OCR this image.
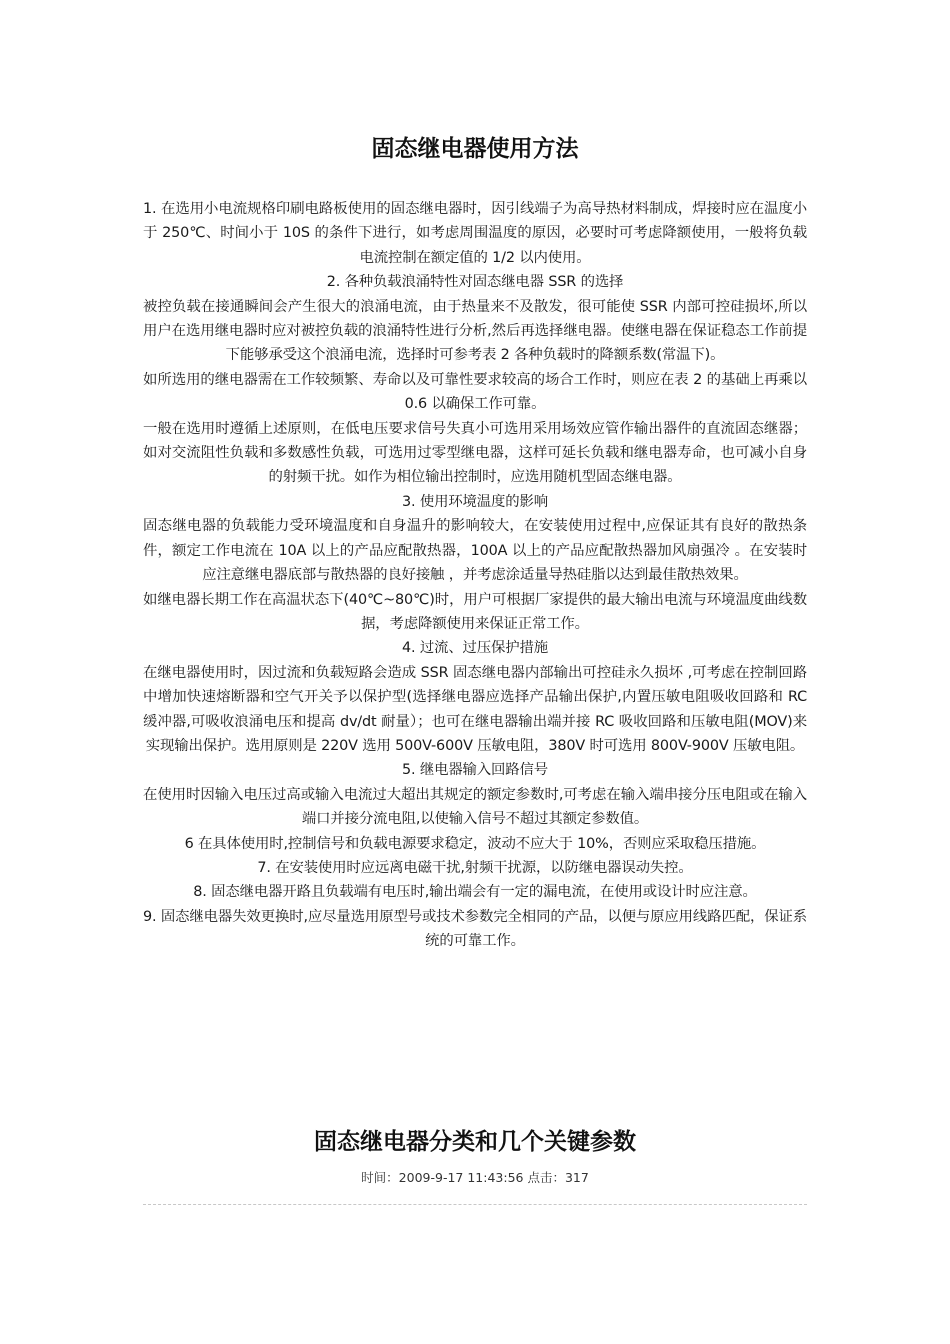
固态继电器使用方法

1. 在选用小电流规格印刷电路板使用的固态继电器时，因引线端子为高导热材料制成，焊接时应在温度小于 250℃、时间小于 10S 的条件下进行，如考虑周围温度的原因，必要时可考虑降额使用，一般将负载电流控制在额定值的 1/2 以内使用。

2. 各种负载浪涌特性对固态继电器 SSR 的选择

被控负载在接通瞬间会产生很大的浪涌电流，由于热量来不及散发，很可能使 SSR 内部可控硅损坏,所以用户在选用继电器时应对被控负载的浪涌特性进行分析,然后再选择继电器。使继电器在保证稳态工作前提下能够承受这个浪涌电流，选择时可参考表 2 各种负载时的降额系数(常温下)。

如所选用的继电器需在工作较频繁、寿命以及可靠性要求较高的场合工作时，则应在表 2 的基础上再乘以 0.6 以确保工作可靠。

一般在选用时遵循上述原则，在低电压要求信号失真小可选用采用场效应管作输出器件的直流固态继器；如对交流阻性负载和多数感性负载，可选用过零型继电器，这样可延长负载和继电器寿命，也可减小自身的射频干扰。如作为相位输出控制时，应选用随机型固态继电器。

3. 使用环境温度的影响

固态继电器的负载能力受环境温度和自身温升的影响较大，在安装使用过程中,应保证其有良好的散热条件，额定工作电流在 10A 以上的产品应配散热器，100A 以上的产品应配散热器加风扇强冷 。在安装时应注意继电器底部与散热器的良好接触 ，并考虑涂适量导热硅脂以达到最佳散热效果。

如继电器长期工作在高温状态下(40℃~80℃)时，用户可根据厂家提供的最大输出电流与环境温度曲线数据，考虑降额使用来保证正常工作。

4. 过流、过压保护措施

在继电器使用时，因过流和负载短路会造成 SSR 固态继电器内部输出可控硅永久损坏 ,可考虑在控制回路中增加快速熔断器和空气开关予以保护型(选择继电器应选择产品输出保护,内置压敏电阻吸收回路和 RC 缓冲器,可吸收浪涌电压和提高 dv/dt 耐量）；也可在继电器输出端并接 RC 吸收回路和压敏电阻(MOV)来实现输出保护。选用原则是 220V 选用 500V-600V 压敏电阻，380V 时可选用 800V-900V 压敏电阻。

5. 继电器输入回路信号

在使用时因输入电压过高或输入电流过大超出其规定的额定参数时,可考虑在输入端串接分压电阻或在输入端口并接分流电阻,以使输入信号不超过其额定参数值。

6 在具体使用时,控制信号和负载电源要求稳定，波动不应大于 10%，否则应采取稳压措施。

7. 在安装使用时应远离电磁干扰,射频干扰源，以防继电器误动失控。

8. 固态继电器开路且负载端有电压时,输出端会有一定的漏电流，在使用或设计时应注意。

9. 固态继电器失效更换时,应尽量选用原型号或技术参数完全相同的产品，以便与原应用线路匹配，保证系统的可靠工作。

固态继电器分类和几个关键参数
时间：2009-9-17 11:43:56 点击：317
